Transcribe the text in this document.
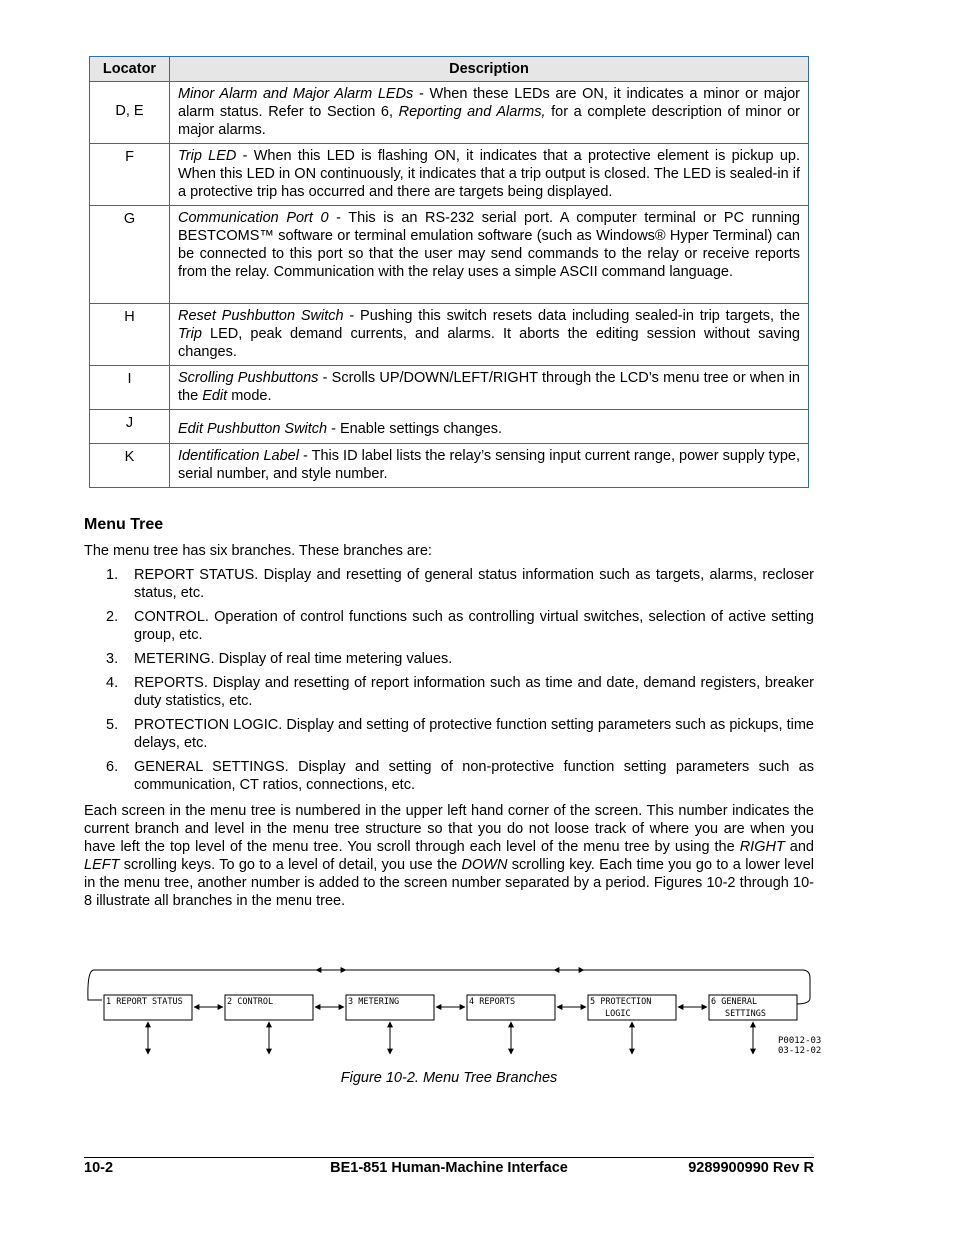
Locator	Description
D, E	Minor Alarm and Major Alarm LEDs - When these LEDs are ON, it indicates a minor or major alarm status. Refer to Section 6, Reporting and Alarms, for a complete description of minor or major alarms.
F	Trip LED - When this LED is flashing ON, it indicates that a protective element is pickup up. When this LED in ON continuously, it indicates that a trip output is closed. The LED is sealed-in if a protective trip has occurred and there are targets being displayed.
G	Communication Port 0 - This is an RS-232 serial port. A computer terminal or PC running BESTCOMS™ software or terminal emulation software (such as Windows® Hyper Terminal) can be connected to this port so that the user may send commands to the relay or receive reports from the relay. Communication with the relay uses a simple ASCII command language.
H	Reset Pushbutton Switch - Pushing this switch resets data including sealed-in trip targets, the Trip LED, peak demand currents, and alarms. It aborts the editing session without saving changes.
I	Scrolling Pushbuttons - Scrolls UP/DOWN/LEFT/RIGHT through the LCD’s menu tree or when in the Edit mode.
J	Edit Pushbutton Switch - Enable settings changes.
K	Identification Label - This ID label lists the relay’s sensing input current range, power supply type, serial number, and style number.
Menu Tree
The menu tree has six branches. These branches are:
1.	REPORT STATUS. Display and resetting of general status information such as targets, alarms, recloser status, etc.
2.	CONTROL. Operation of control functions such as controlling virtual switches, selection of active setting group, etc.
3.	METERING. Display of real time metering values.
4.	REPORTS. Display and resetting of report information such as time and date, demand registers, breaker duty statistics, etc.
5.	PROTECTION LOGIC. Display and setting of protective function setting parameters such as pickups, time delays, etc.
6.	GENERAL SETTINGS. Display and setting of non-protective function setting parameters such as communication, CT ratios, connections, etc.
Each screen in the menu tree is numbered in the upper left hand corner of the screen. This number indicates the current branch and level in the menu tree structure so that you do not loose track of where you are when you have left the top level of the menu tree. You scroll through each level of the menu tree by using the RIGHT and LEFT scrolling keys. To go to a level of detail, you use the DOWN scrolling key. Each time you go to a lower level in the menu tree, another number is added to the screen number separated by a period. Figures 10-2 through 10-8 illustrate all branches in the menu tree.
1 REPORT STATUS	2 CONTROL	3 METERING	4 REPORTS	5 PROTECTION
LOGIC
6 GENERAL
SETTINGS
P0012-03
03-12-02
Figure 10-2. Menu Tree Branches
10-2	BE1-851 Human-Machine Interface	9289900990 Rev R
